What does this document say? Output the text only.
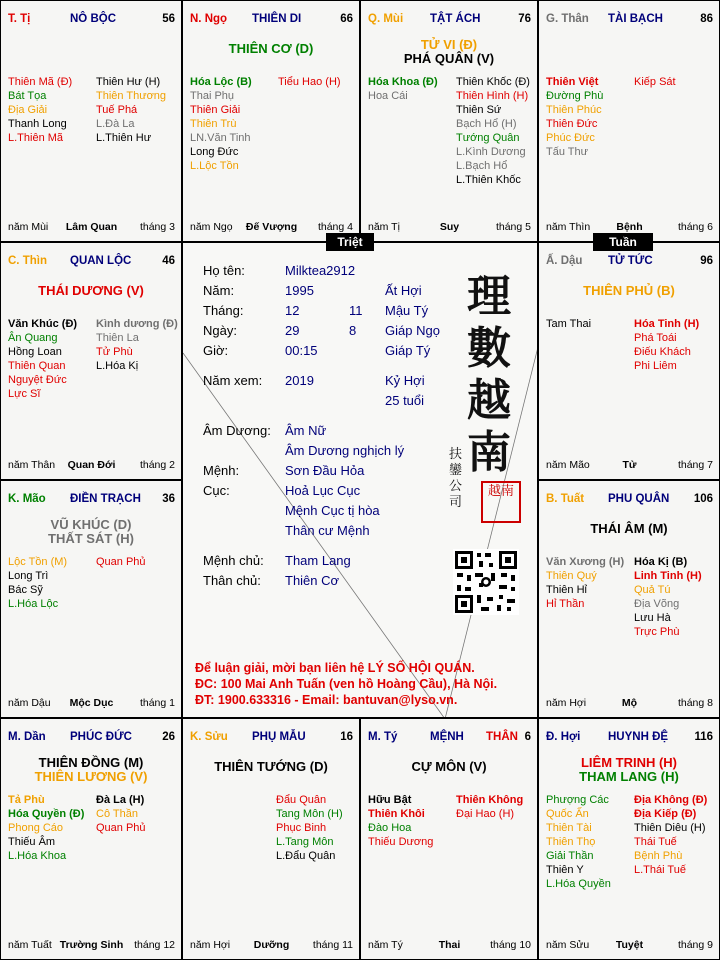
T. Tị	NÔ BỘC	56
Thiên Mã (Đ)
Bát Tọa
Địa Giải
Thanh Long
L.Thiên Mã
Thiên Hư (H)
Thiên Thương
Tuế Phá
L.Đà La
L.Thiên Hư
năm Mùi	Lâm Quan	tháng 3
N. Ngọ THIÊN DI	66
THIÊN CƠ (D)
Hóa Lộc (B)
Thai Phụ
Thiên Giải
Thiên Trù
LN.Văn Tinh
Long Đức
L.Lộc Tồn
Tiểu Hao (H)
năm Ngọ	Đế Vượng	tháng 4
Q. Mùi TẬT ÁCH	76
TỬ VI (Đ)
PHÁ QUÂN (V)
Hóa Khoa (Đ)
Hoa Cái
Thiên Khốc (Đ)
Thiên Hình (H)
Thiên Sứ
Bạch Hổ (H)
Tướng Quân
L.Kình Dương
L.Bạch Hổ
L.Thiên Khốc
năm Tị	Suy	tháng 5
G. Thân TÀI BẠCH	86
Thiên Việt
Đường Phù
Thiên Phúc
Thiên Đức
Phúc Đức
Tấu Thư
Kiếp Sát
năm Thìn	Bệnh	tháng 6
C. Thìn QUAN LỘC	46
THÁI DƯƠNG (V)
Văn Khúc (Đ)
Ân Quang
Hồng Loan
Thiên Quan
Nguyệt Đức
Lực Sĩ
Kình dương (Đ)
Thiên La
Tử Phù
L.Hóa Kị
năm Thân	Quan Đới	tháng 2
Ấ. Dậu TỬ TỨC	96
THIÊN PHỦ (B)
Tam Thai	Hóa Tinh (H)
Phá Toái
Điếu Khách
Phi Liêm
năm Mão	Tử	tháng 7
K. Mão ĐIỀN TRẠCH 36
VŨ KHÚC (D)
THẤT SÁT (H)
Lộc Tồn (M)
Long Trì
Bác Sỹ
L.Hóa Lộc
Quan Phủ
năm Dậu	Mộc Dục	tháng 1
B. Tuất PHU QUÂN 106
THÁI ÂM (M)
Văn Xương (H)
Thiên Quý
Thiên Hỉ
Hỉ Thần
Hóa Kị (B)
Linh Tinh (H)
Quả Tú
Địa Võng
Lưu Hà
Trực Phù
năm Hợi	Mộ	tháng 8
M. Dần PHÚC ĐỨC	26
THIÊN ĐỒNG (M)
THIÊN LƯƠNG (V)
Tả Phù
Hóa Quyền (Đ)
Phong Cáo
Thiếu Âm
L.Hóa Khoa
Đà La (H)
Cô Thần
Quan Phủ
năm Tuất Trường Sinh	tháng 12
K. Sửu PHỤ MẪU	16
THIÊN TƯỚNG (D)
Đẩu Quân
Tang Môn (H)
Phục Binh
L.Tang Môn
L.Đẩu Quân
năm Hợi	Dưỡng	tháng 11
M. Tý	MỆNH THÂN 6
CỰ MÔN (V)
Hữu Bật
Thiên Khôi
Đào Hoa
Thiếu Dương
Thiên Không
Đại Hao (H)
năm Tý	Thai	tháng 10
Đ. Hợi HUYNH ĐỆ 116
LIÊM TRINH (H)
THAM LANG (H)
Phượng Các
Quốc Ấn
Thiên Tài
Thiên Thọ
Giải Thần
Thiên Y
L.Hóa Quyền
Địa Không (Đ)
Địa Kiếp (Đ)
Thiên Diêu (H)
Thái Tuế
Bệnh Phù
L.Thái Tuế
năm Sửu	Tuyệt	tháng 9
Họ tên:	Milktea2912
Năm:	1995	Ất Hợi
Tháng:	12	11 Mậu Tý
Ngày:	29	8 Giáp Ngọ
Giờ:	00:15	Giáp Tý
Năm xem: 2019	Kỷ Hợi
25 tuổi
Âm Dương: Âm Nữ
Âm Dương nghịch lý
Mệnh:	Sơn Đầu Hỏa
Cục:	Hoả Lục Cục
Mệnh Cục tị hòa
Thân cư Mệnh
Mệnh chủ: Tham Lang
Thân chủ: Thiên Cơ
理數越南
扶鑾公司
越南
Để luận giải, mời bạn liên hệ LÝ SỐ HỘI QUÁN.
ĐC: 100 Mai Anh Tuấn (ven hồ Hoàng Cầu), Hà Nội.
ĐT: 1900.633316 - Email: bantuvan@lyso.vn.
Triệt	Tuần
